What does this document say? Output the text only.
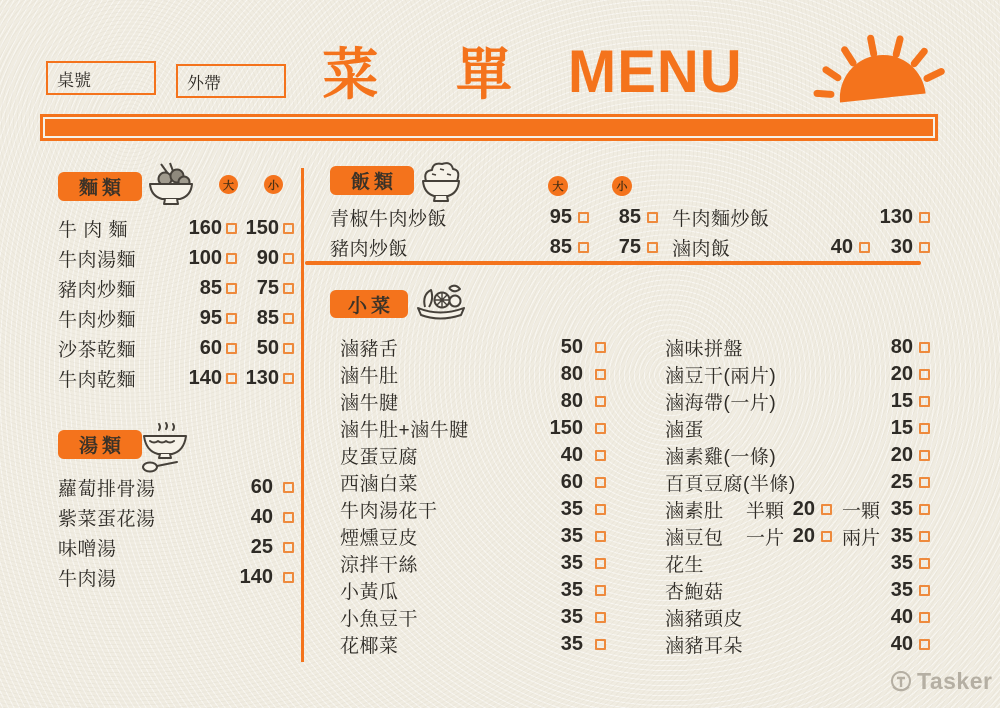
桌號	外帶 菜 單 MENU
麵類	大	小
牛 肉 麵	160 150
牛肉湯麵	100	90
豬肉炒麵	85	75
牛肉炒麵	95	85
沙茶乾麵	60	50
牛肉乾麵	140 130
湯類
蘿蔔排骨湯	60
紫菜蛋花湯	40
味噌湯	25
牛肉湯	140
飯類	大	小
青椒牛肉炒飯	95	85
豬肉炒飯	85	75
牛肉麵炒飯	130
滷肉飯	40	30
小菜
滷豬舌	50
滷牛肚	80
滷牛腱	80
滷牛肚+滷牛腱	150
皮蛋豆腐	40
西滷白菜	60
牛肉湯花干	35
煙燻豆皮	35
涼拌干絲	35
小黃瓜	35
小魚豆干	35
花椰菜	35
滷味拼盤	80
滷豆干(兩片)	20
滷海帶(一片)	15
滷蛋	15
滷素雞(一條)	20
百頁豆腐(半條)	25
滷素肚	半顆 20 一顆 35
滷豆包	一片 20 兩片 35
花生	35
杏鮑菇	35
滷豬頭皮	40
滷豬耳朵	40
Tasker
